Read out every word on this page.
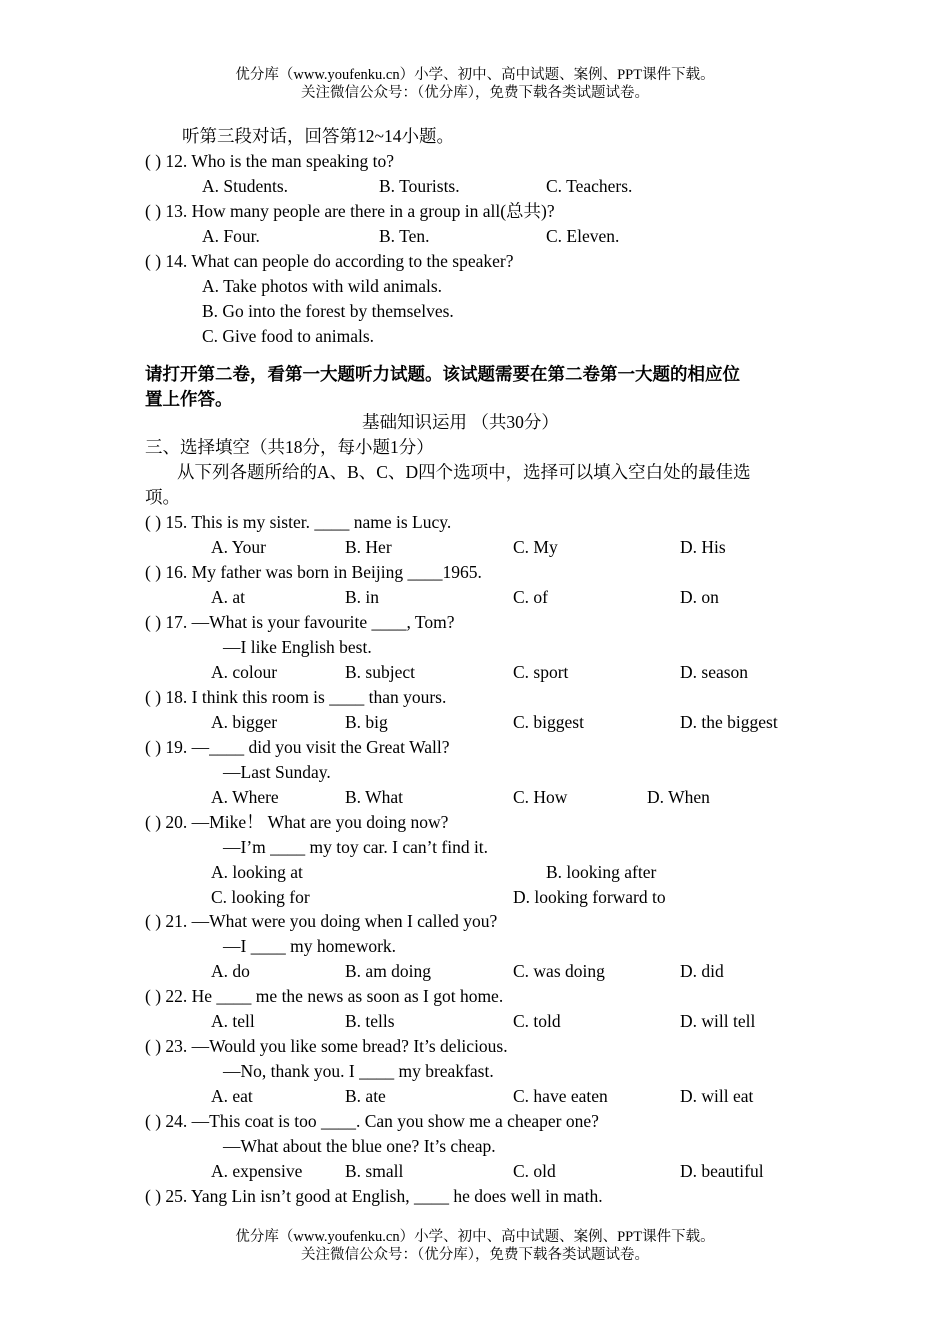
优分库（www.youfenku.cn）小学、初中、高中试题、案例、PPT课件下载。
关注微信公众号：（优分库），免费下载各类试题试卷。
听第三段对话，回答第12~14小题。
( ) 12. Who is the man speaking to?
A. Students.	B. Tourists.	C. Teachers.
( ) 13. How many people are there in a group in all(总共)?
A. Four.	B. Ten.	C. Eleven.
( ) 14. What can people do according to the speaker?
A. Take photos with wild animals.
B. Go into the forest by themselves.
C. Give food to animals.
请打开第二卷，看第一大题听力试题。该试题需要在第二卷第一大题的相应位
置上作答。
基础知识运用 （共30分）
三、选择填空（共18分，每小题1分）
从下列各题所给的A、B、C、D四个选项中，选择可以填入空白处的最佳选
项。
( ) 15. This is my sister. ____ name is Lucy.
A. Your	B. Her	C. My	D. His
( ) 16. My father was born in Beijing ____1965.
A. at	B. in	C. of	D. on
( ) 17. —What is your favourite ____, Tom?
—I like English best.
A. colour	B. subject	C. sport	D. season
( ) 18. I think this room is ____ than yours.
A. bigger	B. big	C. biggest	D. the biggest
( ) 19. —____ did you visit the Great Wall?
—Last Sunday.
A. Where	B. What	C. How	D. When
( ) 20. —Mike！ What are you doing now?
—I’m ____ my toy car. I can’t find it.
A. looking at	B. looking after
C. looking for	D. looking forward to
( ) 21. —What were you doing when I called you?
—I ____ my homework.
A. do	B. am doing	C. was doing	D. did
( ) 22. He ____ me the news as soon as I got home.
A. tell	B. tells	C. told	D. will tell
( ) 23. —Would you like some bread? It’s delicious.
—No, thank you. I ____ my breakfast.
A. eat	B. ate	C. have eaten	D. will eat
( ) 24. —This coat is too ____. Can you show me a cheaper one?
—What about the blue one? It’s cheap.
A. expensive B. small	C. old	D. beautiful
( ) 25. Yang Lin isn’t good at English, ____ he does well in math.
优分库（www.youfenku.cn）小学、初中、高中试题、案例、PPT课件下载。
关注微信公众号：（优分库），免费下载各类试题试卷。
